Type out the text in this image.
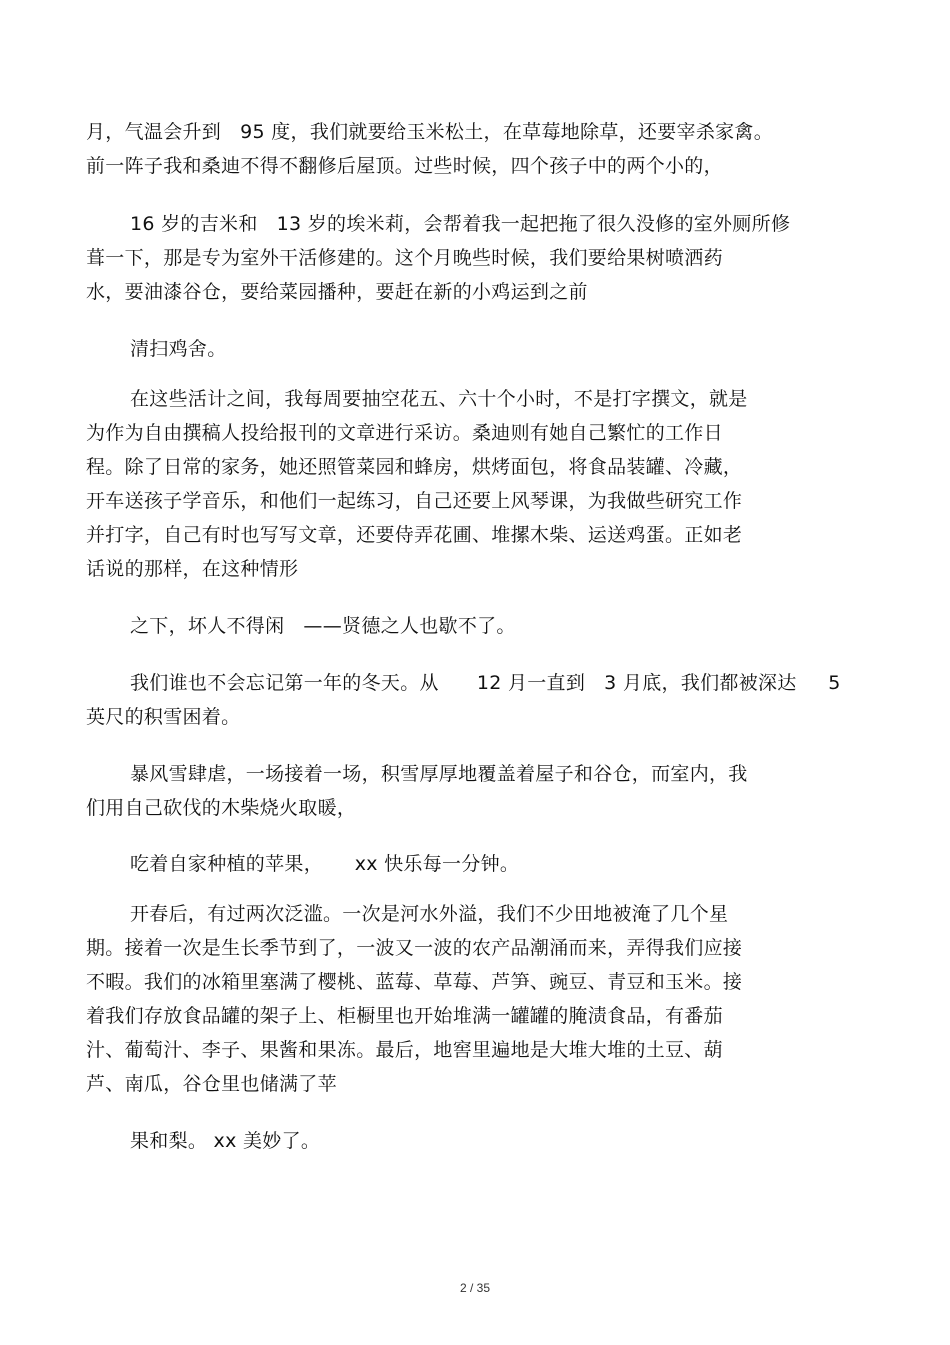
月，气温会升到   95 度，我们就要给玉米松土，在草莓地除草，还要宰杀家禽。
前一阵子我和桑迪不得不翻修后屋顶。过些时候，四个孩子中的两个小的，
16 岁的吉米和   13 岁的埃米莉，会帮着我一起把拖了很久没修的室外厕所修
葺一下，那是专为室外干活修建的。这个月晚些时候，我们要给果树喷洒药
水，要油漆谷仓，要给菜园播种，要赶在新的小鸡运到之前
清扫鸡舍。
在这些活计之间，我每周要抽空花五、六十个小时，不是打字撰文，就是
为作为自由撰稿人投给报刊的文章进行采访。桑迪则有她自己繁忙的工作日
程。除了日常的家务，她还照管菜园和蜂房，烘烤面包，将食品装罐、冷藏，
开车送孩子学音乐，和他们一起练习，自己还要上风琴课，为我做些研究工作
并打字，自己有时也写写文章，还要侍弄花圃、堆摞木柴、运送鸡蛋。正如老
话说的那样，在这种情形
之下，坏人不得闲   ——贤德之人也歇不了。
我们谁也不会忘记第一年的冬天。从      12 月一直到   3 月底，我们都被深达     5
英尺的积雪困着。
暴风雪肆虐，一场接着一场，积雪厚厚地覆盖着屋子和谷仓，而室内，我
们用自己砍伐的木柴烧火取暖，
吃着自家种植的苹果，     xx 快乐每一分钟。
开春后，有过两次泛滥。一次是河水外溢，我们不少田地被淹了几个星
期。接着一次是生长季节到了，一波又一波的农产品潮涌而来，弄得我们应接
不暇。我们的冰箱里塞满了樱桃、蓝莓、草莓、芦笋、豌豆、青豆和玉米。接
着我们存放食品罐的架子上、柜橱里也开始堆满一罐罐的腌渍食品，有番茄
汁、葡萄汁、李子、果酱和果冻。最后，地窖里遍地是大堆大堆的土豆、葫
芦、南瓜，谷仓里也储满了苹
果和梨。 xx 美妙了。
2 / 35
